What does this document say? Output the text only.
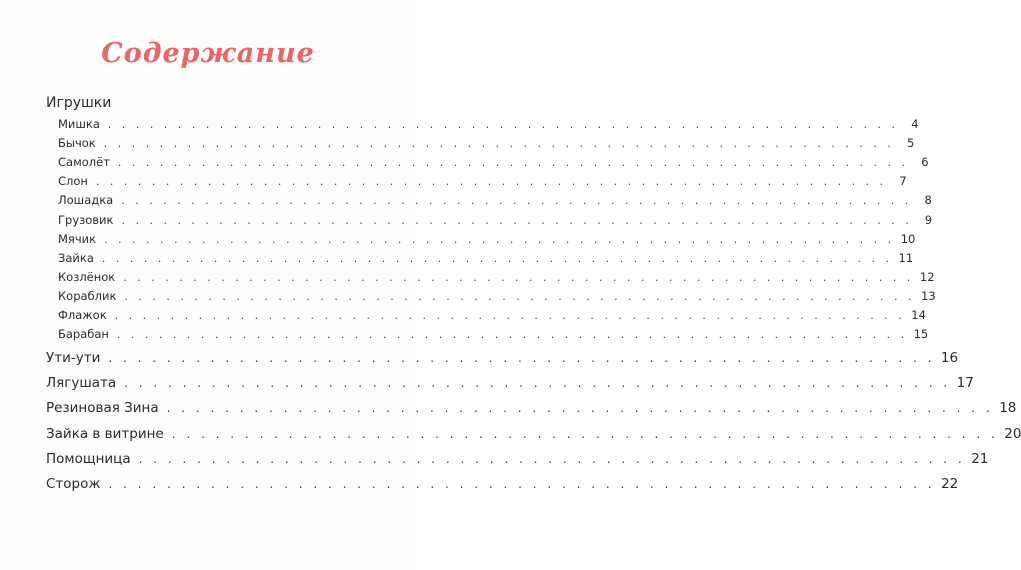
Содержание
Игрушки
Мишка . . . . . . . . . . . . . . . . . . . . . . . . . . . . . . . . . . . . . . . . . . . . . . . . . . . . . . . . .	4
Бычок . . . . . . . . . . . . . . . . . . . . . . . . . . . . . . . . . . . . . . . . . . . . . . . . . . . . . . . . .	5
Самолёт . . . . . . . . . . . . . . . . . . . . . . . . . . . . . . . . . . . . . . . . . . . . . . . . . . . . . . . . .	6
Слон . . . . . . . . . . . . . . . . . . . . . . . . . . . . . . . . . . . . . . . . . . . . . . . . . . . . . . . . .	7
Лошадка . . . . . . . . . . . . . . . . . . . . . . . . . . . . . . . . . . . . . . . . . . . . . . . . . . . . . . . . .	8
Грузовик . . . . . . . . . . . . . . . . . . . . . . . . . . . . . . . . . . . . . . . . . . . . . . . . . . . . . . . . .	9
Мячик . . . . . . . . . . . . . . . . . . . . . . . . . . . . . . . . . . . . . . . . . . . . . . . . . . . . . . . . . 10
Зайка . . . . . . . . . . . . . . . . . . . . . . . . . . . . . . . . . . . . . . . . . . . . . . . . . . . . . . . . . 11
Козлёнок . . . . . . . . . . . . . . . . . . . . . . . . . . . . . . . . . . . . . . . . . . . . . . . . . . . . . . . . . 12
Кораблик . . . . . . . . . . . . . . . . . . . . . . . . . . . . . . . . . . . . . . . . . . . . . . . . . . . . . . . . . 13
Флажок . . . . . . . . . . . . . . . . . . . . . . . . . . . . . . . . . . . . . . . . . . . . . . . . . . . . . . . . . 14
Барабан . . . . . . . . . . . . . . . . . . . . . . . . . . . . . . . . . . . . . . . . . . . . . . . . . . . . . . . . . 15
Ути-ути . . . . . . . . . . . . . . . . . . . . . . . . . . . . . . . . . . . . . . . . . . . . . . . . . . . . . . . . . 16
Лягушата . . . . . . . . . . . . . . . . . . . . . . . . . . . . . . . . . . . . . . . . . . . . . . . . . . . . . . . . . 17
Резиновая Зина . . . . . . . . . . . . . . . . . . . . . . . . . . . . . . . . . . . . . . . . . . . . . . . . . . . . . . . . . 18
Зайка в витрине . . . . . . . . . . . . . . . . . . . . . . . . . . . . . . . . . . . . . . . . . . . . . . . . . . . . . . . . . 20
Помощница . . . . . . . . . . . . . . . . . . . . . . . . . . . . . . . . . . . . . . . . . . . . . . . . . . . . . . . . . 21
Сторож . . . . . . . . . . . . . . . . . . . . . . . . . . . . . . . . . . . . . . . . . . . . . . . . . . . . . . . . . 22
